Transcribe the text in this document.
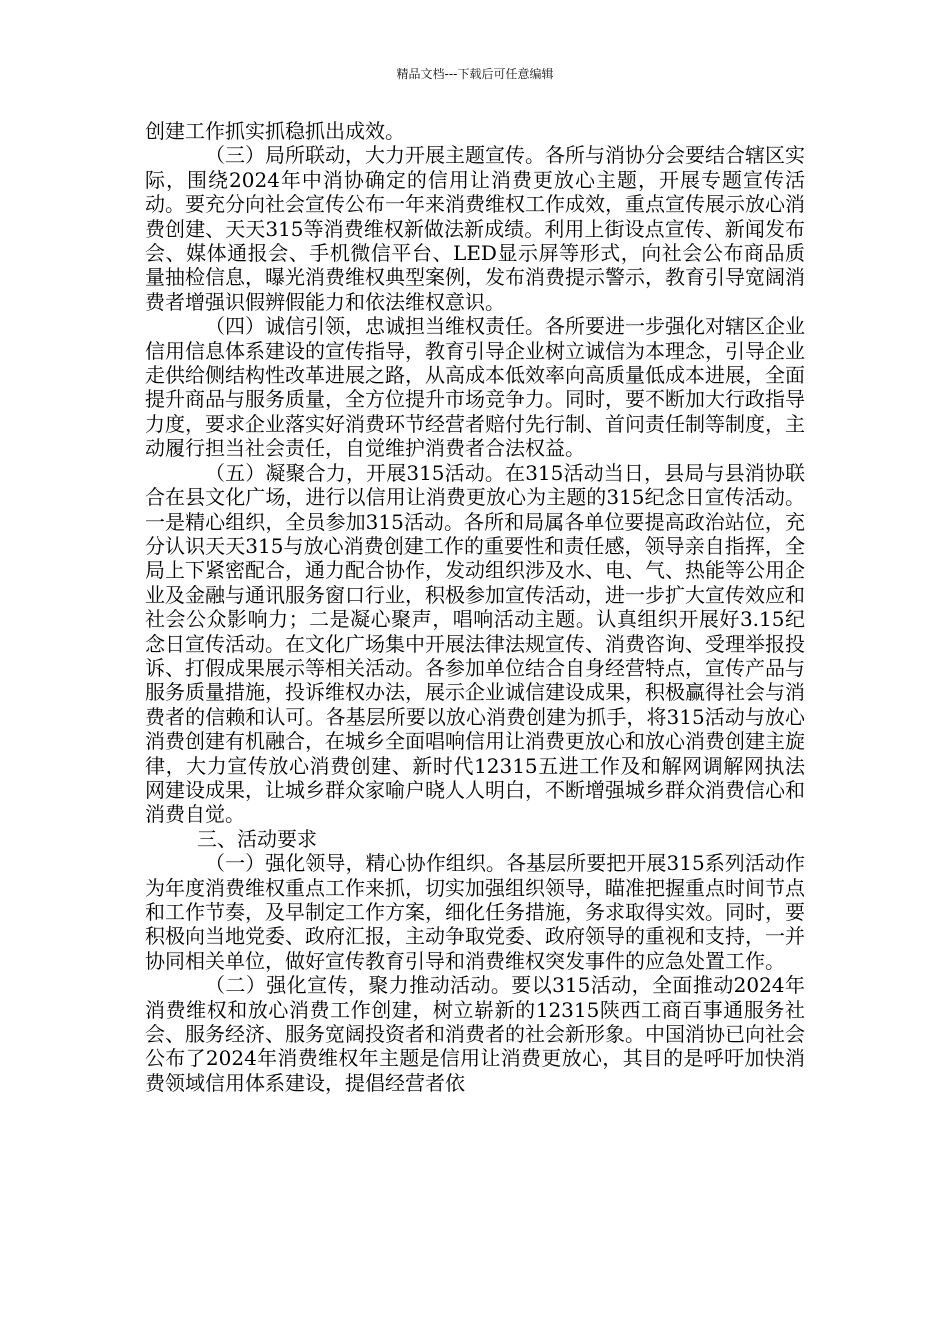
精品文档---下载后可任意编辑

创建工作抓实抓稳抓出成效。

（三）局所联动，大力开展主题宣传。各所与消协分会要结合辖区实际，围绕2024年中消协确定的信用让消费更放心主题，开展专题宣传活动。要充分向社会宣传公布一年来消费维权工作成效，重点宣传展示放心消费创建、天天315等消费维权新做法新成绩。利用上街设点宣传、新闻发布会、媒体通报会、手机微信平台、LED显示屏等形式，向社会公布商品质量抽检信息，曝光消费维权典型案例，发布消费提示警示，教育引导宽阔消费者增强识假辨假能力和依法维权意识。

（四）诚信引领，忠诚担当维权责任。各所要进一步强化对辖区企业信用信息体系建设的宣传指导，教育引导企业树立诚信为本理念，引导企业走供给侧结构性改革进展之路，从高成本低效率向高质量低成本进展，全面提升商品与服务质量，全方位提升市场竞争力。同时，要不断加大行政指导力度，要求企业落实好消费环节经营者赔付先行制、首问责任制等制度，主动履行担当社会责任，自觉维护消费者合法权益。

（五）凝聚合力，开展315活动。在315活动当日，县局与县消协联合在县文化广场，进行以信用让消费更放心为主题的315纪念日宣传活动。一是精心组织，全员参加315活动。各所和局属各单位要提高政治站位，充分认识天天315与放心消费创建工作的重要性和责任感，领导亲自指挥，全局上下紧密配合，通力配合协作，发动组织涉及水、电、气、热能等公用企业及金融与通讯服务窗口行业，积极参加宣传活动，进一步扩大宣传效应和社会公众影响力；二是凝心聚声，唱响活动主题。认真组织开展好3.15纪念日宣传活动。在文化广场集中开展法律法规宣传、消费咨询、受理举报投诉、打假成果展示等相关活动。各参加单位结合自身经营特点，宣传产品与服务质量措施，投诉维权办法，展示企业诚信建设成果，积极赢得社会与消费者的信赖和认可。各基层所要以放心消费创建为抓手，将315活动与放心消费创建有机融合，在城乡全面唱响信用让消费更放心和放心消费创建主旋律，大力宣传放心消费创建、新时代12315五进工作及和解网调解网执法网建设成果，让城乡群众家喻户晓人人明白，不断增强城乡群众消费信心和消费自觉。

三、活动要求

（一）强化领导，精心协作组织。各基层所要把开展315系列活动作为年度消费维权重点工作来抓，切实加强组织领导，瞄准把握重点时间节点和工作节奏，及早制定工作方案，细化任务措施，务求取得实效。同时，要积极向当地党委、政府汇报，主动争取党委、政府领导的重视和支持，一并协同相关单位，做好宣传教育引导和消费维权突发事件的应急处置工作。

（二）强化宣传，聚力推动活动。要以315活动，全面推动2024年消费维权和放心消费工作创建，树立崭新的12315陕西工商百事通服务社会、服务经济、服务宽阔投资者和消费者的社会新形象。中国消协已向社会公布了2024年消费维权年主题是信用让消费更放心，其目的是呼吁加快消费领域信用体系建设，提倡经营者依
